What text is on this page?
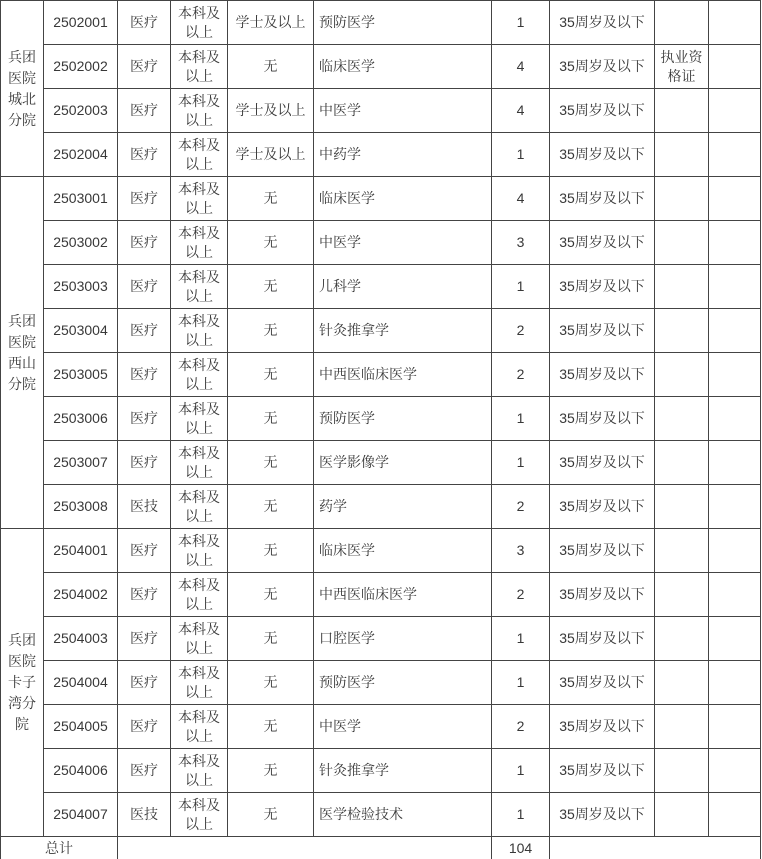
兵团医院城北分院	2502001	医疗	本科及以上	学士及以上	预防医学	1	35周岁及以下		
	2502002	医疗	本科及以上	无	临床医学	4	35周岁及以下	执业资格证	
	2502003	医疗	本科及以上	学士及以上	中医学	4	35周岁及以下		
	2502004	医疗	本科及以上	学士及以上	中药学	1	35周岁及以下		
兵团医院西山分院	2503001	医疗	本科及以上	无	临床医学	4	35周岁及以下		
	2503002	医疗	本科及以上	无	中医学	3	35周岁及以下		
	2503003	医疗	本科及以上	无	儿科学	1	35周岁及以下		
	2503004	医疗	本科及以上	无	针灸推拿学	2	35周岁及以下		
	2503005	医疗	本科及以上	无	中西医临床医学	2	35周岁及以下		
	2503006	医疗	本科及以上	无	预防医学	1	35周岁及以下		
	2503007	医疗	本科及以上	无	医学影像学	1	35周岁及以下		
	2503008	医技	本科及以上	无	药学	2	35周岁及以下		
兵团医院卡子湾分院	2504001	医疗	本科及以上	无	临床医学	3	35周岁及以下		
	2504002	医疗	本科及以上	无	中西医临床医学	2	35周岁及以下		
	2504003	医疗	本科及以上	无	口腔医学	1	35周岁及以下		
	2504004	医疗	本科及以上	无	预防医学	1	35周岁及以下		
	2504005	医疗	本科及以上	无	中医学	2	35周岁及以下		
	2504006	医疗	本科及以上	无	针灸推拿学	1	35周岁及以下		
	2504007	医技	本科及以上	无	医学检验技术	1	35周岁及以下		
总计						104			
